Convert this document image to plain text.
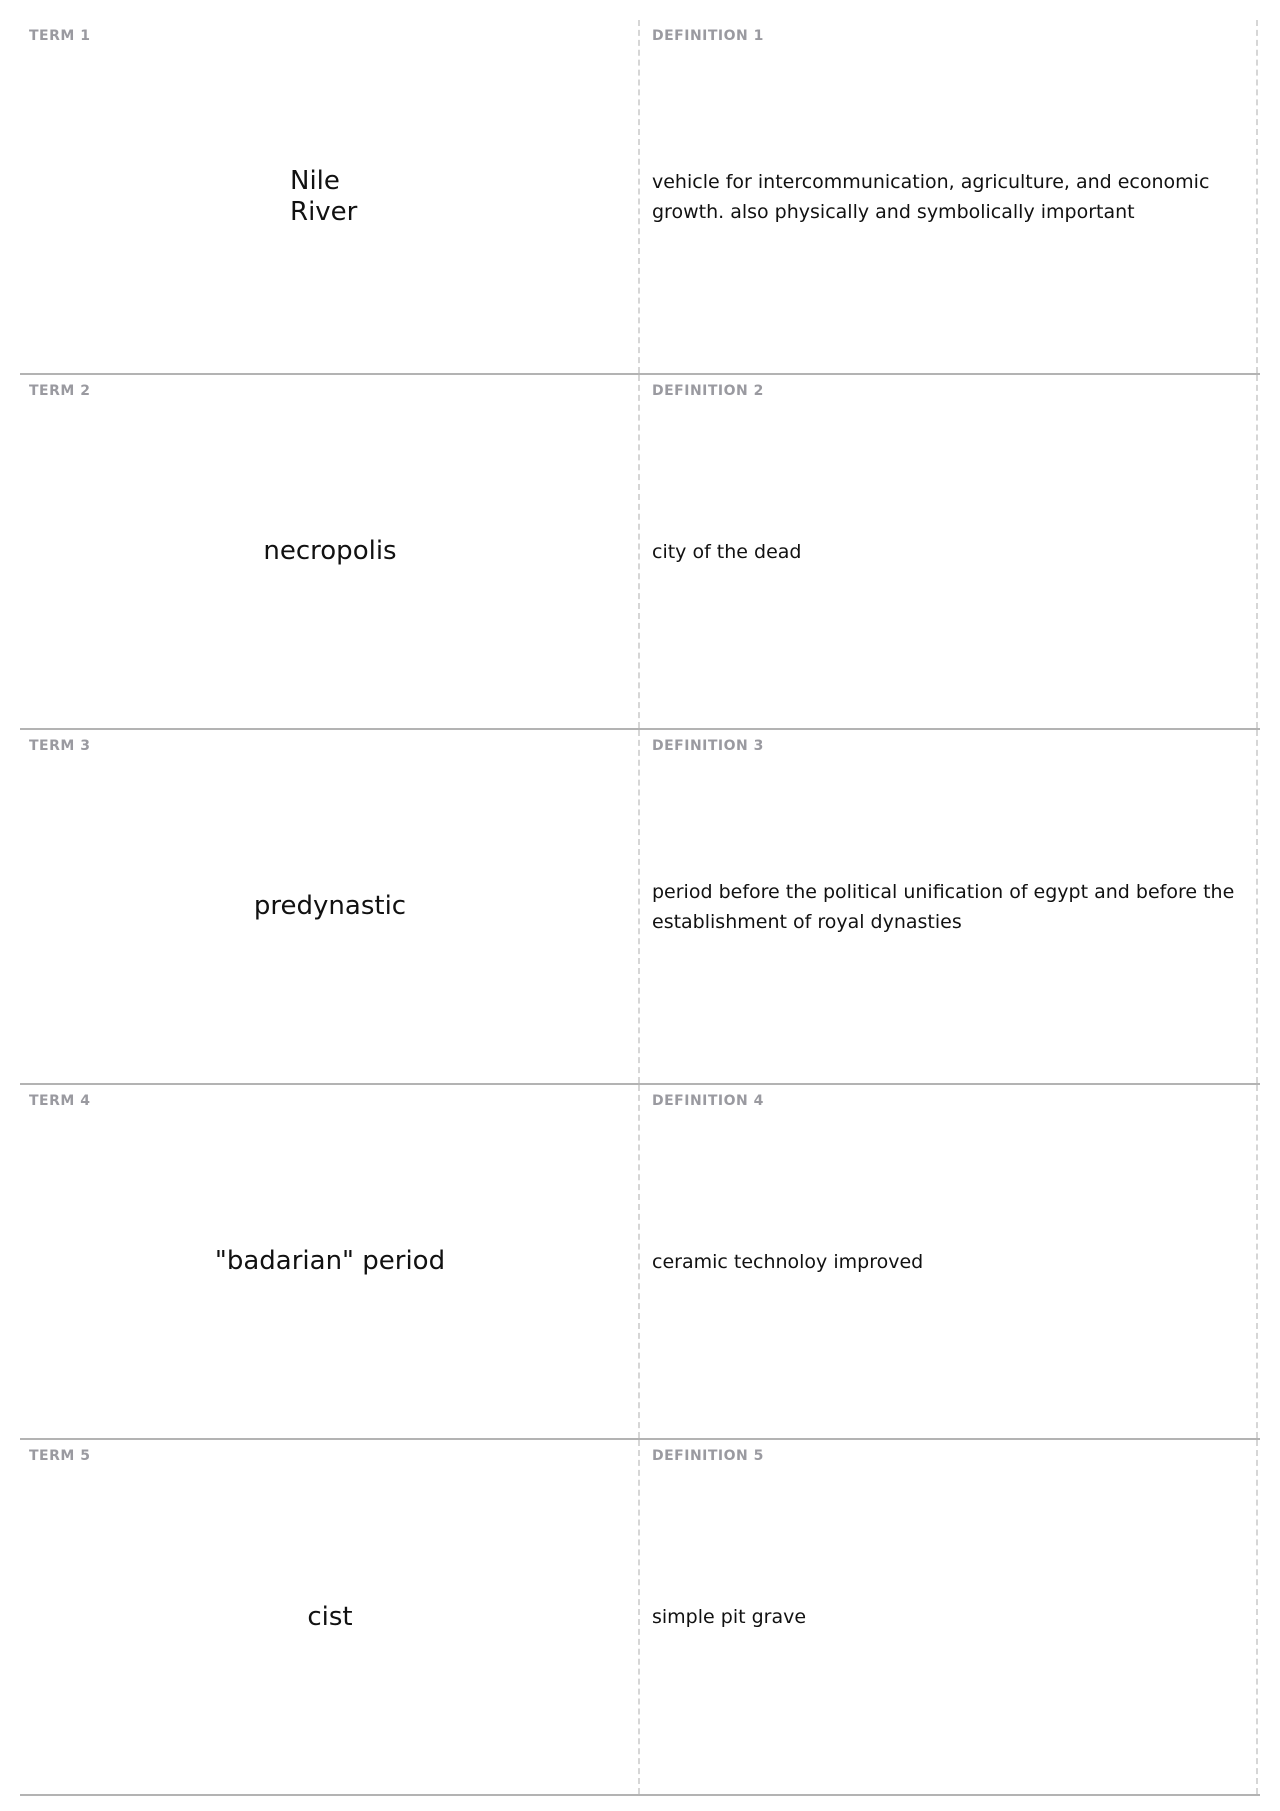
TERM 1
Nile River
DEFINITION 1
vehicle for intercommunication, agriculture, and economic growth. also physically and symbolically important
TERM 2
necropolis
DEFINITION 2
city of the dead
TERM 3
predynastic
DEFINITION 3
period before the political unification of egypt and before the establishment of royal dynasties
TERM 4
"badarian" period
DEFINITION 4
ceramic technoloy improved
TERM 5
cist
DEFINITION 5
simple pit grave
